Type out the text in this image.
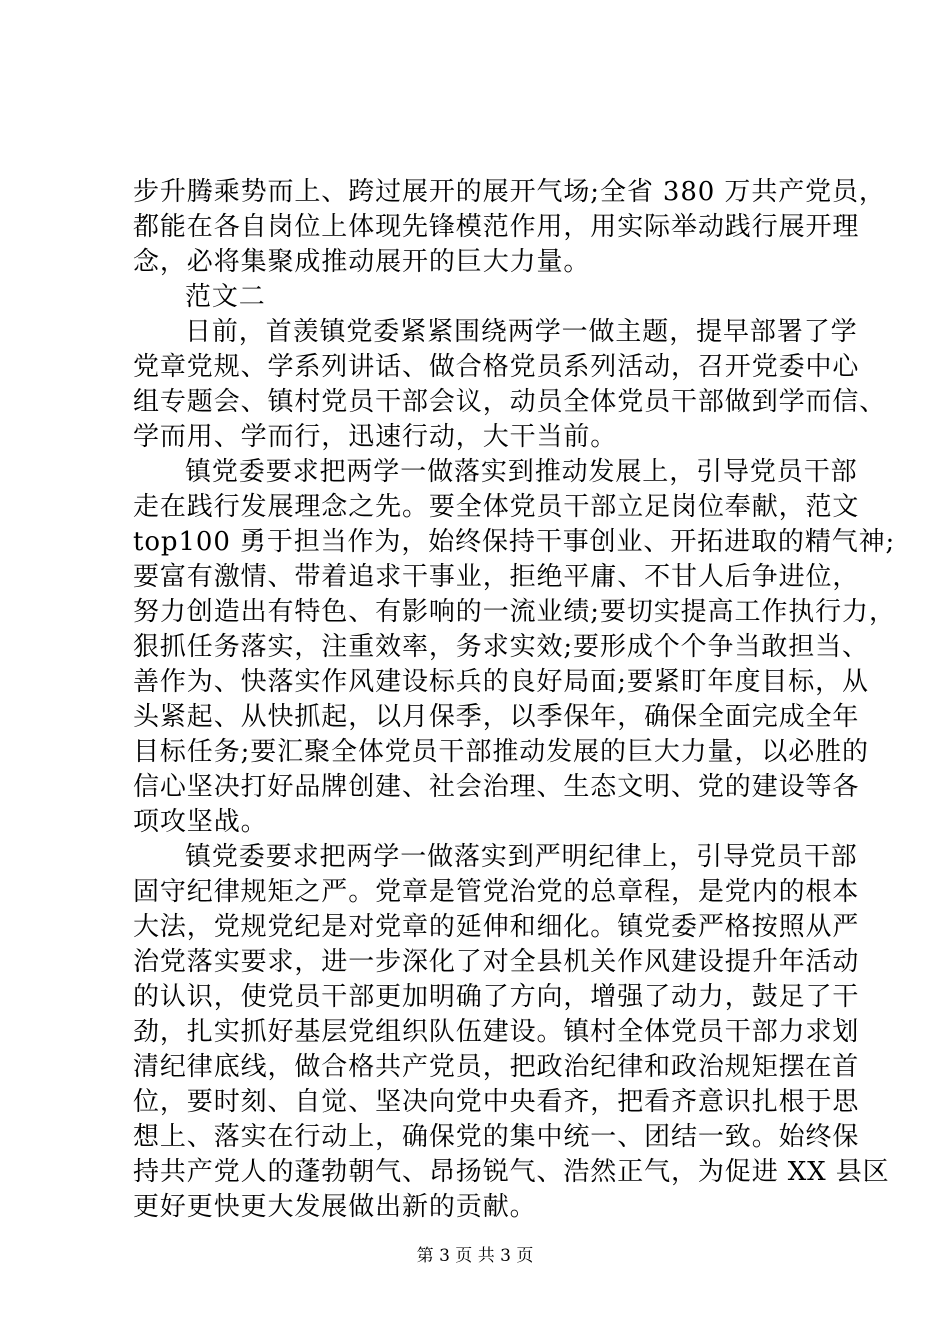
步升腾乘势而上、跨过展开的展开气场;全省 380 万共产党员，
都能在各自岗位上体现先锋模范作用，用实际举动践行展开理
念，必将集聚成推动展开的巨大力量。
范文二
日前，首羡镇党委紧紧围绕两学一做主题，提早部署了学
党章党规、学系列讲话、做合格党员系列活动，召开党委中心
组专题会、镇村党员干部会议，动员全体党员干部做到学而信、
学而用、学而行，迅速行动，大干当前。
镇党委要求把两学一做落实到推动发展上，引导党员干部
走在践行发展理念之先。要全体党员干部立足岗位奉献，范文
top100 勇于担当作为，始终保持干事创业、开拓进取的精气神;
要富有激情、带着追求干事业，拒绝平庸、不甘人后争进位，
努力创造出有特色、有影响的一流业绩;要切实提高工作执行力，
狠抓任务落实，注重效率，务求实效;要形成个个争当敢担当、
善作为、快落实作风建设标兵的良好局面;要紧盯年度目标，从
头紧起、从快抓起，以月保季，以季保年，确保全面完成全年
目标任务;要汇聚全体党员干部推动发展的巨大力量，以必胜的
信心坚决打好品牌创建、社会治理、生态文明、党的建设等各
项攻坚战。
镇党委要求把两学一做落实到严明纪律上，引导党员干部
固守纪律规矩之严。党章是管党治党的总章程，是党内的根本
大法，党规党纪是对党章的延伸和细化。镇党委严格按照从严
治党落实要求，进一步深化了对全县机关作风建设提升年活动
的认识，使党员干部更加明确了方向，增强了动力，鼓足了干
劲，扎实抓好基层党组织队伍建设。镇村全体党员干部力求划
清纪律底线，做合格共产党员，把政治纪律和政治规矩摆在首
位，要时刻、自觉、坚决向党中央看齐，把看齐意识扎根于思
想上、落实在行动上，确保党的集中统一、团结一致。始终保
持共产党人的蓬勃朝气、昂扬锐气、浩然正气，为促进 XX 县区
更好更快更大发展做出新的贡献。
第 3 页 共 3 页
